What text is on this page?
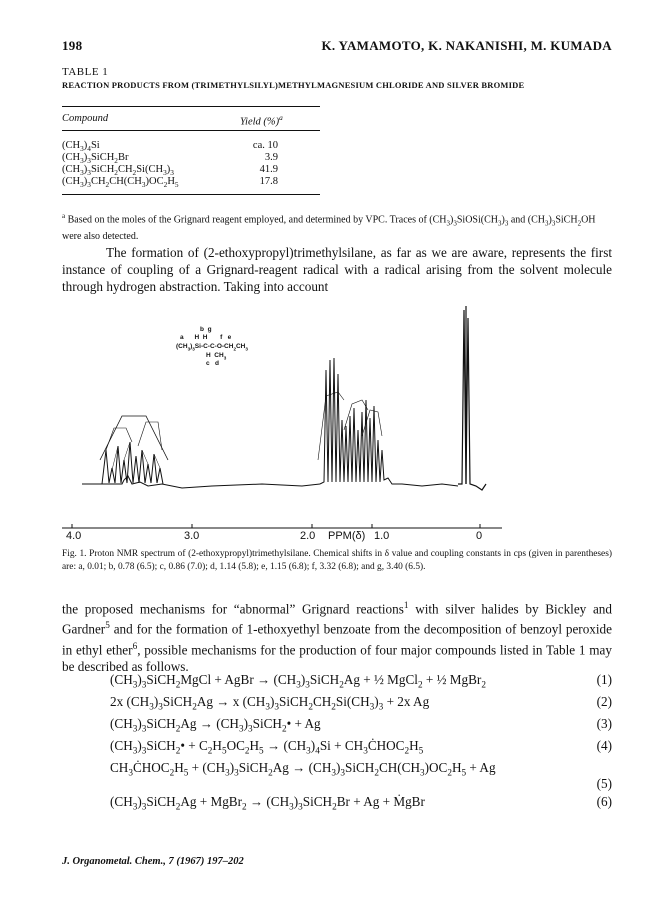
198	K. YAMAMOTO, K. NAKANISHI, M. KUMADA
TABLE 1
REACTION PRODUCTS FROM (TRIMETHYLSILYL)METHYLMAGNESIUM CHLORIDE AND SILVER BROMIDE
Compound	Yield (%)$^a$
$(CH_3)_4Si$	ca. 10
$(CH_3)_3SiCH_2Br$	3.9
$(CH_3)_3SiCH_2CH_2Si(CH_3)_3$	41.9
$(CH_3)_3CH_2CH(CH_3)OC_2H_5$	17.8
$^a$ Based on the moles of the Grignard reagent employed, and determined by VPC. Traces of $(CH_3)_3SiOSi(CH_3)_3$ and $(CH_3)_3SiCH_2OH$ were also detected.
The formation of (2-ethoxypropyl)trimethylsilane, as far as we are aware, represents the first instance of coupling of a Grignard-reagent radical with a radical arising from the solvent molecule through hydrogen abstraction. Taking into account
4.0	3.0	2.0 PPM(δ) 1.0	0
b  g
a      H  H       f   e
$(CH_3)_3Si-C-C-O-CH_2CH_3$
H  $CH_3$
c   d
Fig. 1. Proton NMR spectrum of (2-ethoxypropyl)trimethylsilane. Chemical shifts in δ value and coupling constants in cps (given in parentheses) are: a, 0.01; b, 0.78 (6.5); c, 0.86 (7.0); d, 1.14 (5.8); e, 1.15 (6.8); f, 3.32 (6.8); and g, 3.40 (6.5).
the proposed mechanisms for “abnormal” Grignard reactions$^1$ with silver halides by Bickley and Gardner$^5$ and for the formation of 1-ethoxyethyl benzoate from the decomposition of benzoyl peroxide in ethyl ether$^6$, possible mechanisms for the production of four major compounds listed in Table 1 may be described as follows.
$(CH_3)_3SiCH_2MgCl$ + AgBr → $(CH_3)_3SiCH_2Ag$ + ½ MgCl$_2$ + ½ MgBr$_2$	(1)
2x $(CH_3)_3SiCH_2Ag \to x$ $(CH_3)_3SiCH_2CH_2Si(CH_3)_3 + 2x$ Ag	(2)
$(CH_3)_3SiCH_2Ag$ → $(CH_3)_3SiCH_2• + Ag$	(3)
$(CH_3)_3SiCH_2• + C_2H_5OC_2H_5 \to (CH_3)_4Si$ + $CH_3ĊHOC_2H_5$	(4)
$CH_3ĊHOC_2H_5$ + $(CH_3)_3SiCH_2Ag$ → $(CH_3)_3SiCH_2CH(CH_3)OC_2H_5 + Ag$
(5)
$(CH_3)_3SiCH_2Ag$ + MgBr$_2$ → $(CH_3)_3SiCH_2Br + Ag$ + ṀgBr	(6)
J. Organometal. Chem., 7 (1967) 197–202
